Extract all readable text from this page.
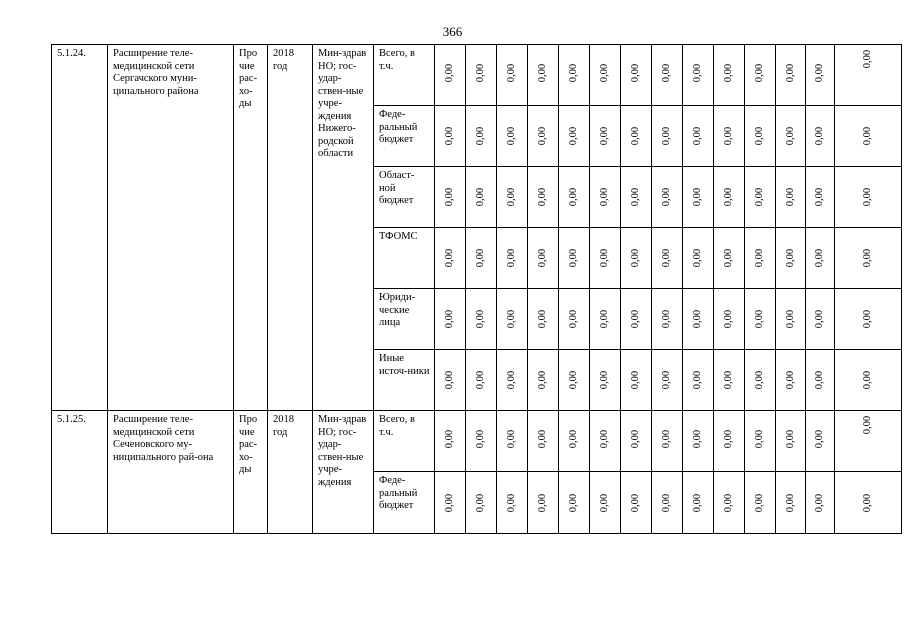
366
5.1.24.	Расширение теле-медицинской сети Сергачского муни-ципального района	Про чие рас-хо-ды	2018 год	Мин-здрав НО; гос-удар-ствен-ные учре-ждения Нижего-родской области	Всего, в т.ч.	0,00	0,00	0,00	0,00	0,00	0,00	0,00	0,00	0,00	0,00	0,00	0,00	0,00	0,00

					Феде-ральный бюджет	0,00	0,00	0,00	0,00	0,00	0,00	0,00	0,00	0,00	0,00	0,00	0,00	0,00	0,00

					Област-ной бюджет	0,00	0,00	0,00	0,00	0,00	0,00	0,00	0,00	0,00	0,00	0,00	0,00	0,00	0,00

					ТФОМС	0,00	0,00	0,00	0,00	0,00	0,00	0,00	0,00	0,00	0,00	0,00	0,00	0,00	0,00

					Юриди-ческие лица	0,00	0,00	0,00	0,00	0,00	0,00	0,00	0,00	0,00	0,00	0,00	0,00	0,00	0,00

					Иные источ-ники	0,00	0,00	0,00	0,00	0,00	0,00	0,00	0,00	0,00	0,00	0,00	0,00	0,00	0,00

5.1.25.	Расширение теле-медицинской сети Сеченовского му-ниципального рай-она	Про чие рас-хо-ды	2018 год	Мин-здрав НО; гос-удар-ствен-ные учре-ждения	Всего, в т.ч.	0,00	0,00	0,00	0,00	0,00	0,00	0,00	0,00	0,00	0,00	0,00	0,00	0,00	0,00

					Феде-ральный бюджет	0,00	0,00	0,00	0,00	0,00	0,00	0,00	0,00	0,00	0,00	0,00	0,00	0,00	0,00
